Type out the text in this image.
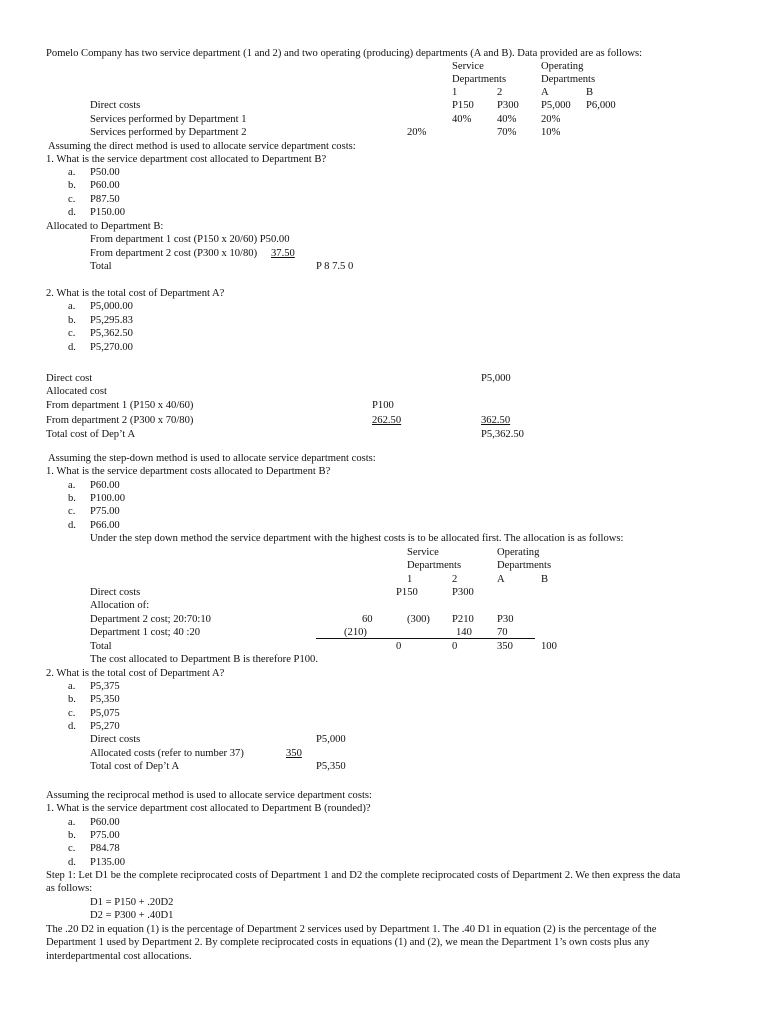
Pomelo Company has two service department (1 and 2) and two operating (producing) departments (A and B). Data provided are as follows:
Service	Operating
Departments	Departments
1	2	A	B
Direct costs	P150 P300 P5,000 P6,000
Services performed by Department 1	40% 40% 20%
Services performed by Department 2	20%	70% 10%
Assuming the direct method is used to allocate service department costs:
1. What is the service department cost allocated to Department B?
a. P50.00
b. P60.00
c. P87.50
d. P150.00
Allocated to Department B:
From department 1 cost (P150 x 20/60) P50.00
From department 2 cost (P300 x 10/80) 37.50
Total	P 8 7.5 0
2. What is the total cost of Department A?
a. P5,000.00
b. P5,295.83
c. P5,362.50
d. P5,270.00
Direct cost	P5,000
Allocated cost
From department 1 (P150 x 40/60)	P100
From department 2 (P300 x 70/80)	262.50	362.50
Total cost of Dep’t A	P5,362.50
Assuming the step-down method is used to allocate service department costs:
1. What is the service department costs allocated to Department B?
a. P60.00
b. P100.00
c. P75.00
d. P66.00
Under the step down method the service department with the highest costs is to be allocated first. The allocation is as follows:
Service	Operating
Departments	Departments
1	2	A	B
Direct costs	P150	P300
Allocation of:
Department 2 cost; 20:70:10	60	(300) P210 P30
Department 1 cost; 40 :20	(210)	140 70
Total	0	0	350	100
The cost allocated to Department B is therefore P100.
2. What is the total cost of Department A?
a. P5,375
b. P5,350
c. P5,075
d. P5,270
Direct costs	P5,000
Allocated costs (refer to number 37)	350
Total cost of Dep’t A	P5,350
Assuming the reciprocal method is used to allocate service department costs:
1. What is the service department cost allocated to Department B (rounded)?
a. P60.00
b. P75.00
c. P84.78
d. P135.00
Step 1: Let D1 be the complete reciprocated costs of Department 1 and D2 the complete reciprocated costs of Department 2. We then express the data
as follows:
D1 = P150 + .20D2
D2 = P300 + .40D1
The .20 D2 in equation (1) is the percentage of Department 2 services used by Department 1. The .40 D1 in equation (2) is the percentage of the
Department 1 used by Department 2. By complete reciprocated costs in equations (1) and (2), we mean the Department 1’s own costs plus any
interdepartmental cost allocations.
